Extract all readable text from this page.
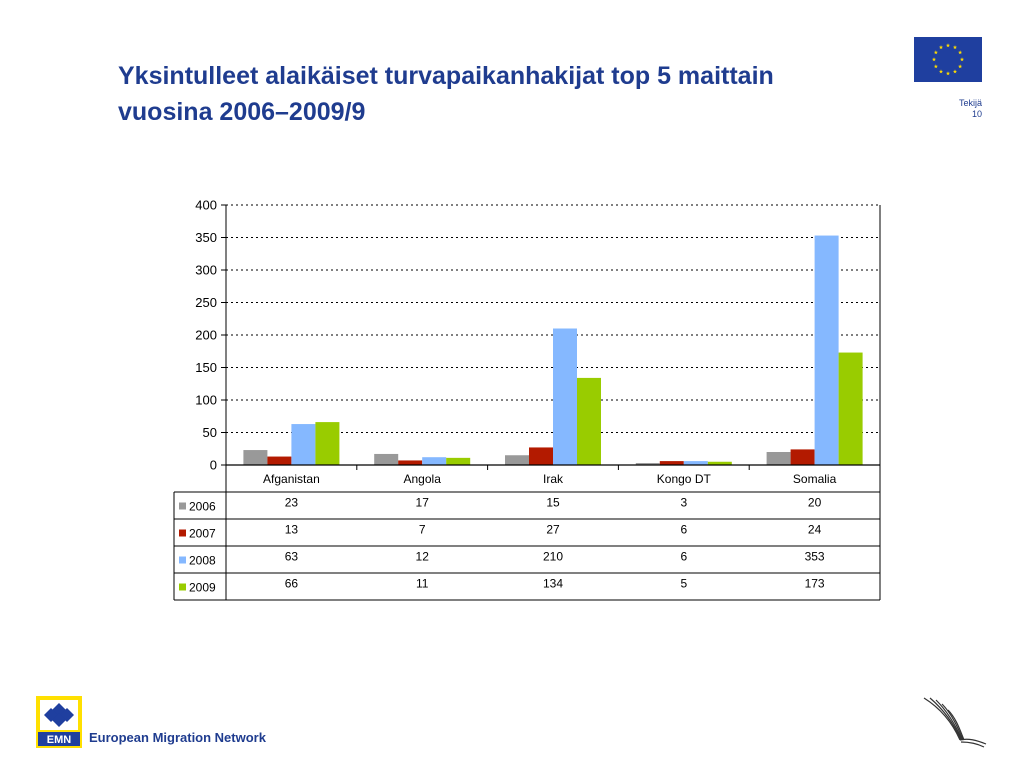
Yksintulleet alaikäiset turvapaikanhakijat top 5 maittain
vuosina 2006–2009/9	Tekijä
10
0
50
100
150
200
250
300
350
400
Afganistan	Angola	Irak	Kongo DT	Somalia
2006	23	17	15	3	20
2007	13	7	27	6	24
2008	63	12	210	6	353
2009	66	11	134	5	173
EMN European Migration Network
